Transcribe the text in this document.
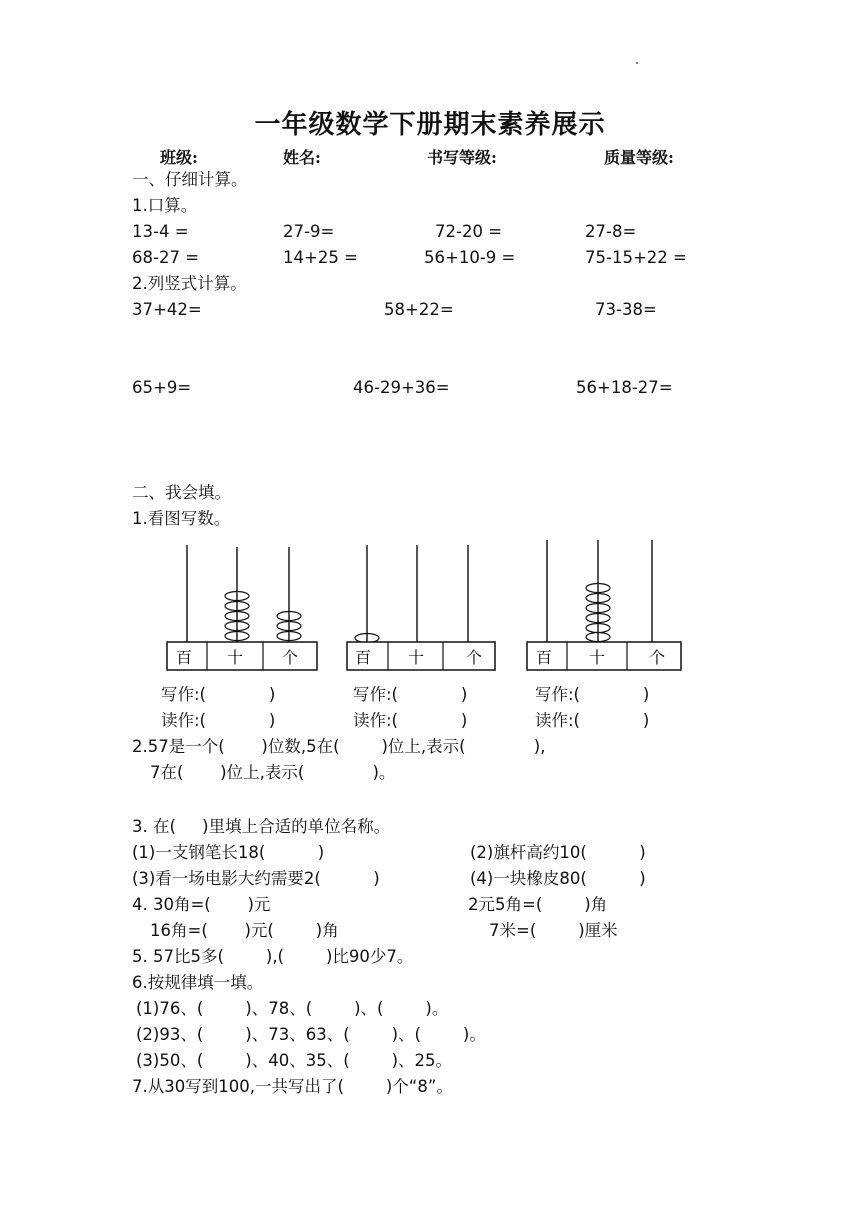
一年级数学下册期末素养展示
班级:	姓名:	书写等级:	质量等级:
一、仔细计算。
1.口算。
13-4 =	27-9=	72-20 =	27-8=
68-27 =	14+25 =	56+10-9 =	75-15+22 =
2.列竖式计算。
37+42=	58+22=	73-38=
65+9=	46-29+36=	56+18-27=
二、我会填。
1.看图写数。
百 十 个	百 十	个	百 十	个
写作:(            )	写作:(            )	写作:(            )
读作:(            )	读作:(            )	读作:(            )
2.57是一个(       )位数,5在(        )位上,表示(             ),
7在(       )位上,表示(             )。
3. 在(     )里填上合适的单位名称。
(1)一支钢笔长18(          )	(2)旗杆高约10(          )
(3)看一场电影大约需要2(          )	(4)一块橡皮80(          )
4. 30角=(       )元	2元5角=(        )角
16角=(       )元(        )角	7米=(        )厘米
5. 57比5多(        ),(        )比90少7。
6.按规律填一填。
(1)76、(        )、78、(        )、(        )。
(2)93、(        )、73、63、(        )、(        )。
(3)50、(        )、40、35、(        )、25。
7.从30写到100,一共写出了(        )个“8”。
